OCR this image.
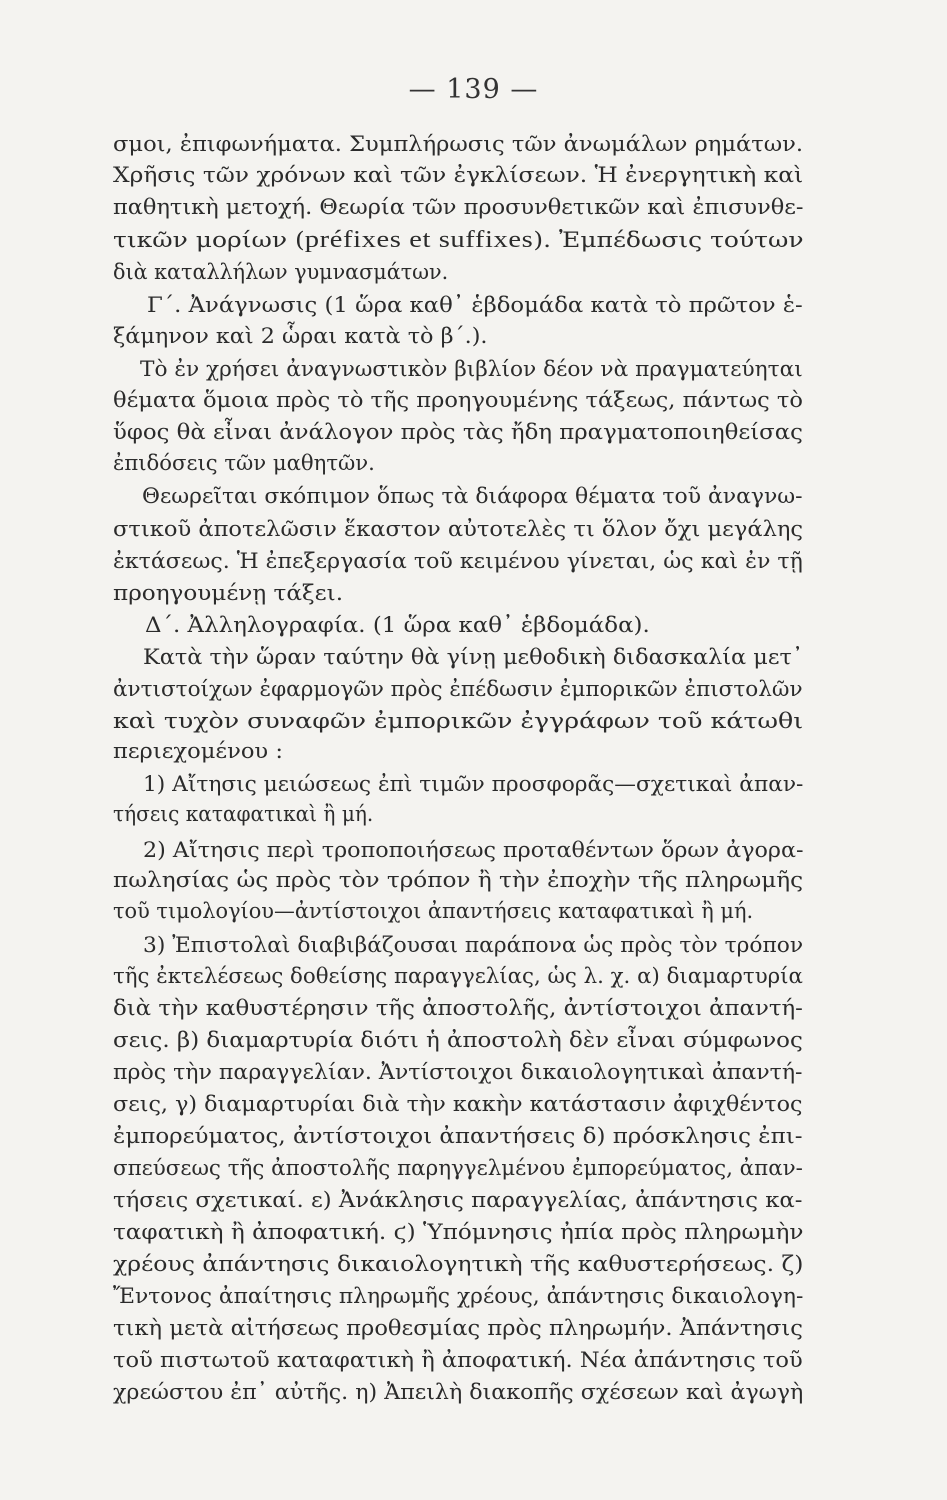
— 139 —
σμοι, ἐπιφωνήματα. Συμπλήρωσις τῶν ἀνωμάλων ρημάτων.
Χρῆσις τῶν χρόνων καὶ τῶν ἐγκλίσεων. Ἡ ἐνεργητικὴ καὶ
παθητικὴ μετοχή. Θεωρία τῶν προσυνθετικῶν καὶ ἐπισυνθε-
τικῶν μορίων (préfixes et suffixes). Ἐμπέδωσις τούτων
διὰ καταλλήλων γυμνασμάτων.
Γ΄. Ἀνάγνωσις (1 ὥρα καθ᾿ ἑβδομάδα κατὰ τὸ πρῶτον ἑ-
ξάμηνον καὶ 2 ὧραι κατὰ τὸ β΄.).
Τὸ ἐν χρήσει ἀναγνωστικὸν βιβλίον δέον νὰ πραγματεύηται
θέματα ὅμοια πρὸς τὸ τῆς προηγουμένης τάξεως, πάντως τὸ
ὕφος θὰ εἶναι ἀνάλογον πρὸς τὰς ἤδη πραγματοποιηθείσας
ἐπιδόσεις τῶν μαθητῶν.
Θεωρεῖται σκόπιμον ὅπως τὰ διάφορα θέματα τοῦ ἀναγνω-
στικοῦ ἀποτελῶσιν ἕκαστον αὐτοτελὲς τι ὅλον ὄχι μεγάλης
ἐκτάσεως. Ἡ ἐπεξεργασία τοῦ κειμένου γίνεται, ὡς καὶ ἐν τῇ
προηγουμένῃ τάξει.
Δ΄. Ἀλληλογραφία. (1 ὥρα καθ᾿ ἑβδομάδα).
Κατὰ τὴν ὥραν ταύτην θὰ γίνῃ μεθοδικὴ διδασκαλία μετ᾿
ἀντιστοίχων ἐφαρμογῶν πρὸς ἐπέδωσιν ἐμπορικῶν ἐπιστολῶν
καὶ τυχὸν συναφῶν ἐμπορικῶν ἐγγράφων τοῦ κάτωθι
περιεχομένου :
1) Αἴτησις μειώσεως ἐπὶ τιμῶν προσφορᾶς—σχετικαὶ ἀπαν-
τήσεις καταφατικαὶ ἢ μή.
2) Αἴτησις περὶ τροποποιήσεως προταθέντων ὅρων ἀγορα-
πωλησίας ὡς πρὸς τὸν τρόπον ἢ τὴν ἐποχὴν τῆς πληρωμῆς
τοῦ τιμολογίου—ἀντίστοιχοι ἀπαντήσεις καταφατικαὶ ἢ μή.
3) Ἐπιστολαὶ διαβιβάζουσαι παράπονα ὡς πρὸς τὸν τρόπον
τῆς ἐκτελέσεως δοθείσης παραγγελίας, ὡς λ. χ. α) διαμαρτυρία
διὰ τὴν καθυστέρησιν τῆς ἀποστολῆς, ἀντίστοιχοι ἀπαντή-
σεις. β) διαμαρτυρία διότι ἡ ἀποστολὴ δὲν εἶναι σύμφωνος
πρὸς τὴν παραγγελίαν. Ἀντίστοιχοι δικαιολογητικαὶ ἀπαντή-
σεις, γ) διαμαρτυρίαι διὰ τὴν κακὴν κατάστασιν ἀφιχθέντος
ἐμπορεύματος, ἀντίστοιχοι ἀπαντήσεις δ) πρόσκλησις ἐπι-
σπεύσεως τῆς ἀποστολῆς παρηγγελμένου ἐμπορεύματος, ἀπαν-
τήσεις σχετικαί. ε) Ἀνάκλησις παραγγελίας, ἀπάντησις κα-
ταφατικὴ ἢ ἀποφατική. ϛ) Ὑπόμνησις ἠπία πρὸς πληρωμὴν
χρέους ἀπάντησις δικαιολογητικὴ τῆς καθυστερήσεως. ζ)
Ἔντονος ἀπαίτησις πληρωμῆς χρέους, ἀπάντησις δικαιολογη-
τικὴ μετὰ αἰτήσεως προθεσμίας πρὸς πληρωμήν. Ἀπάντησις
τοῦ πιστωτοῦ καταφατικὴ ἢ ἀποφατική. Νέα ἀπάντησις τοῦ
χρεώστου ἐπ᾿ αὐτῆς. η) Ἀπειλὴ διακοπῆς σχέσεων καὶ ἀγωγὴ
